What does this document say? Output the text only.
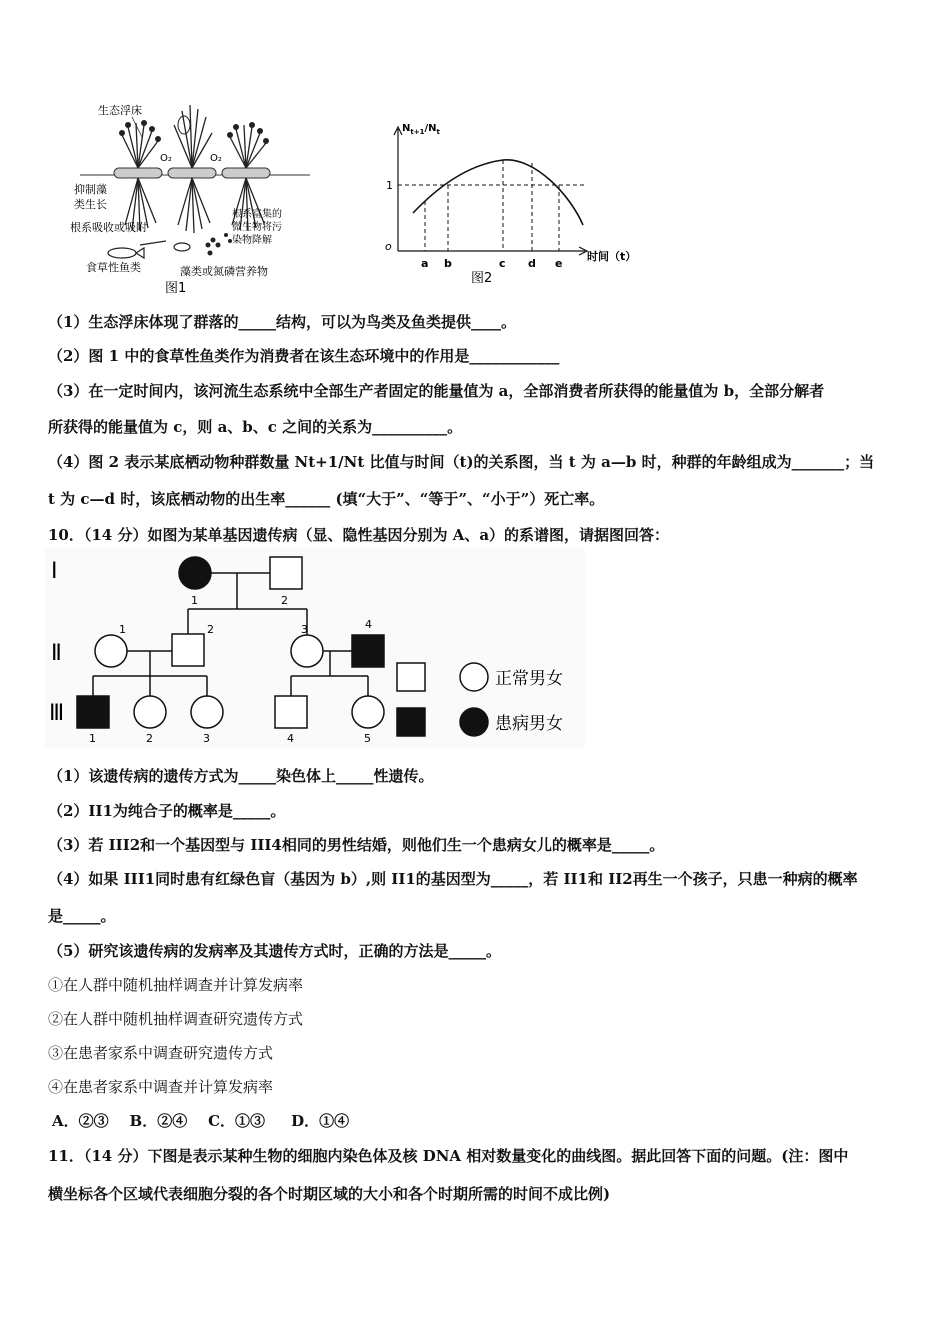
生态浮床
O₂	O₂
抑制藻
类生长
根系吸收或吸附
食草性鱼类	藻类或氮磷营养物
根系富集的
微生物将污
染物降解
图1
$N_{t+1}/N_t$
o
1
a b	c d e
时间（t）
图2
（1）生态浮床体现了群落的_____结构，可以为鸟类及鱼类提供____。
（2）图 1 中的食草性鱼类作为消费者在该生态环境中的作用是____________
（3）在一定时间内，该河流生态系统中全部生产者固定的能量值为 a，全部消费者所获得的能量值为 b，全部分解者
所获得的能量值为 c，则 a、b、c 之间的关系为__________。
（4）图 2 表示某底栖动物种群数量 Nt+1/Nt 比值与时间（t)的关系图，当 t 为 a—b 时，种群的年龄组成为_______；当
t 为 c—d 时，该底栖动物的出生率______ (填“大于”、“等于”、“小于”）死亡率。
10．（14 分）如图为某单基因遗传病（显、隐性基因分别为 A、a）的系谱图，请据图回答：
Ⅰ
Ⅱ
Ⅲ
1	2
1	2	3	4
1	2	3	4	5
正常男女
患病男女
（1）该遗传病的遗传方式为_____染色体上_____性遗传。
（2）II1为纯合子的概率是_____。
（3）若 III2和一个基因型与 III4相同的男性结婚，则他们生一个患病女儿的概率是_____。
（4）如果 III1同时患有红绿色盲（基因为 b）,则 II1的基因型为_____，若 II1和 II2再生一个孩子，只患一种病的概率
是_____。
（5）研究该遗传病的发病率及其遗传方式时，正确的方法是_____。
①在人群中随机抽样调查并计算发病率
②在人群中随机抽样调查研究遗传方式
③在患者家系中调查研究遗传方式
④在患者家系中调查并计算发病率
A．②③    B．②④    C．①③     D．①④
11．（14 分）下图是表示某种生物的细胞内染色体及核 DNA 相对数量变化的曲线图。据此回答下面的问题。(注：图中
横坐标各个区域代表细胞分裂的各个时期区域的大小和各个时期所需的时间不成比例)
